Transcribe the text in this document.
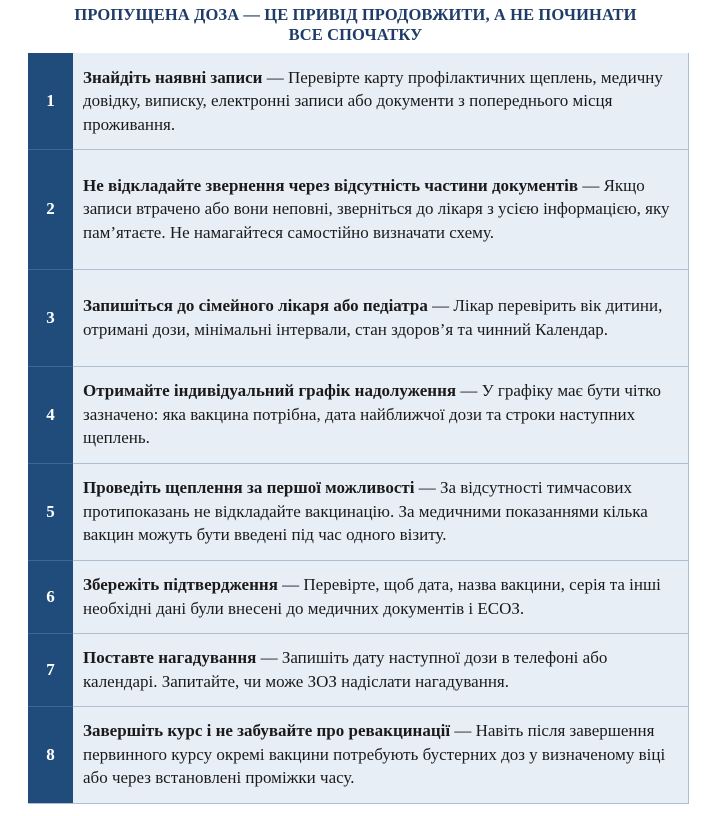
ПРОПУЩЕНА ДОЗА — ЦЕ ПРИВІД ПРОДОВЖИТИ, А НЕ ПОЧИНАТИ
ВСЕ СПОЧАТКУ
1	Знайдіть наявні записи — Перевірте карту профілактичних щеплень, медичну довідку, виписку, електронні записи або документи з попереднього місця проживання.
2	Не відкладайте звернення через відсутність частини документів — Якщо записи втрачено або вони неповні, зверніться до лікаря з усією інформацією, яку пам’ятаєте. Не намагайтеся самостійно визначати схему.
3	Запишіться до сімейного лікаря або педіатра — Лікар перевірить вік дитини, отримані дози, мінімальні інтервали, стан здоров’я та чинний Календар.
4	Отримайте індивідуальний графік надолуження — У графіку має бути чітко зазначено: яка вакцина потрібна, дата найближчої дози та строки наступних щеплень.
5	Проведіть щеплення за першої можливості — За відсутності тимчасових протипоказань не відкладайте вакцинацію. За медичними показаннями кілька вакцин можуть бути введені під час одного візиту.
6	Збережіть підтвердження — Перевірте, щоб дата, назва вакцини, серія та інші необхідні дані були внесені до медичних документів і ЕСОЗ.
7	Поставте нагадування — Запишіть дату наступної дози в телефоні або календарі. Запитайте, чи може ЗОЗ надіслати нагадування.
8	Завершіть курс і не забувайте про ревакцинації — Навіть після завершення первинного курсу окремі вакцини потребують бустерних доз у визначеному віці або через встановлені проміжки часу.
